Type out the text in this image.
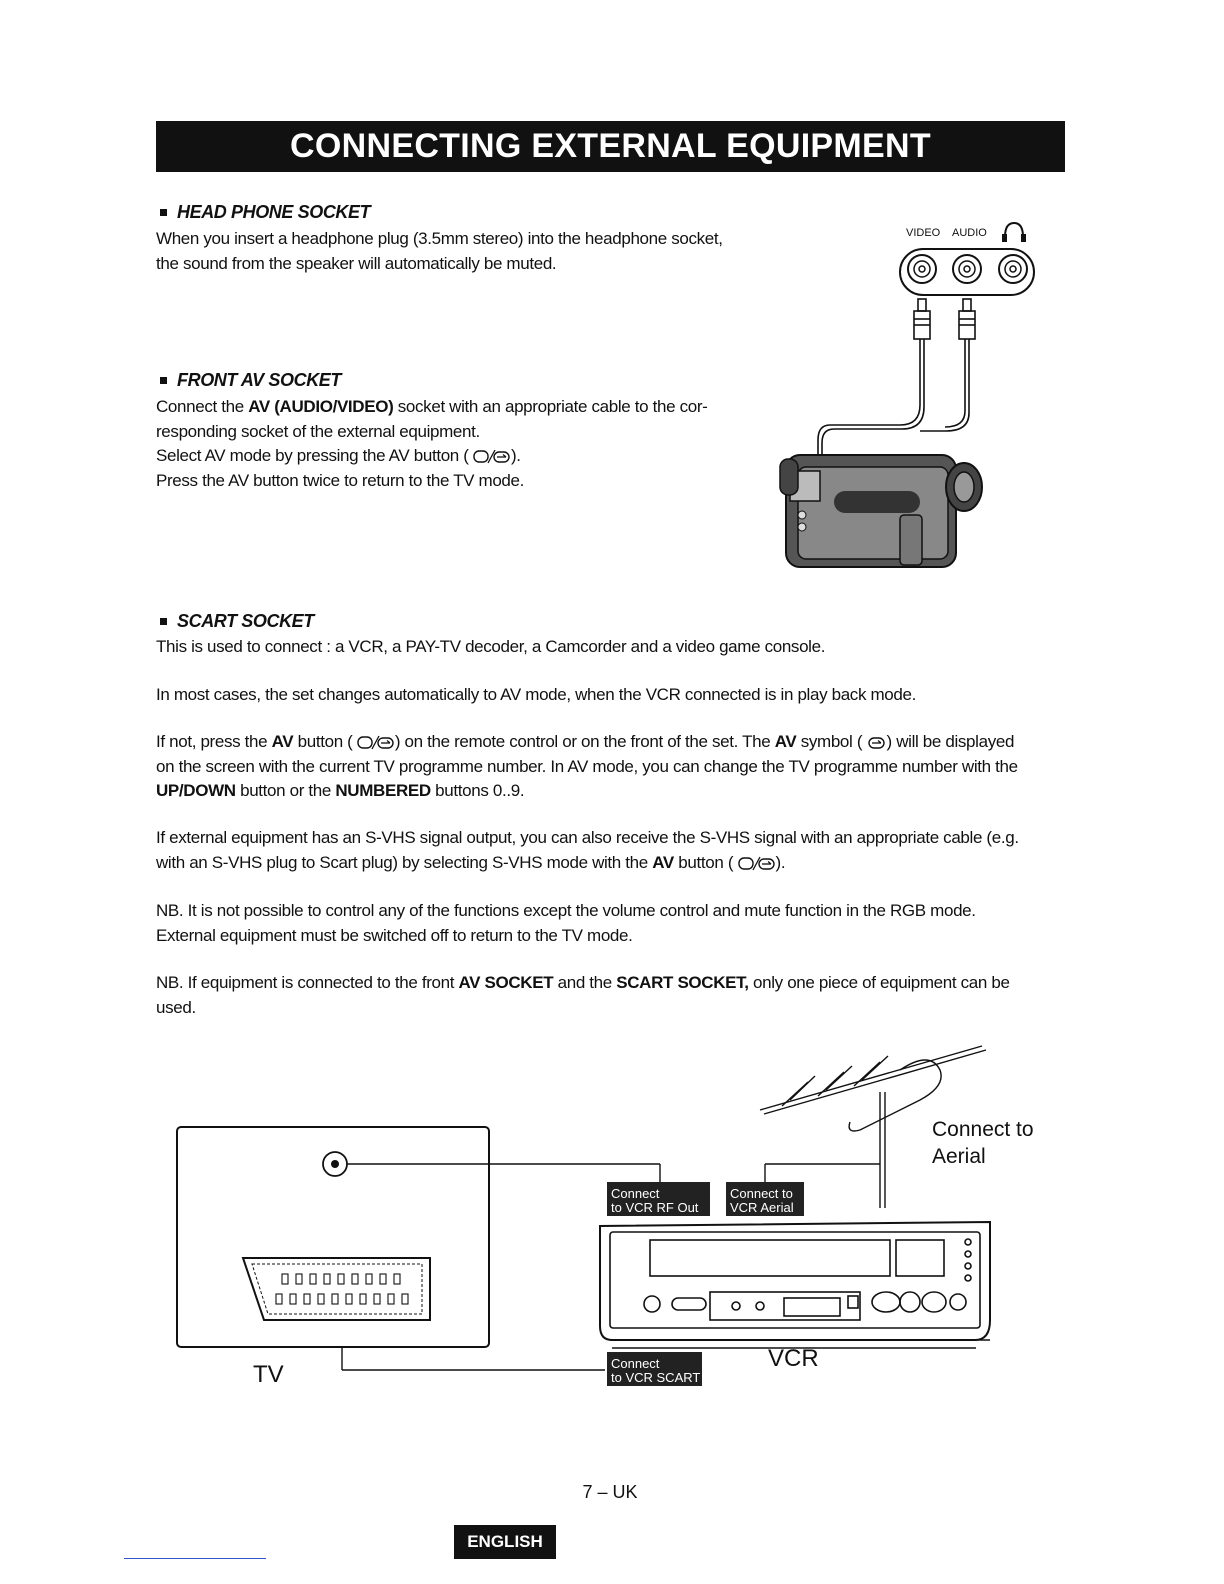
CONNECTING EXTERNAL EQUIPMENT
HEAD PHONE SOCKET

When you insert a headphone plug (3.5mm stereo) into the headphone socket,
the sound from the speaker will automatically be muted.

FRONT AV SOCKET

Connect the AV (AUDIO/VIDEO) socket with an appropriate cable to the cor-
responding socket of the external equipment.
Select AV mode by pressing the AV button ( ).
Press the AV button twice to return to the TV mode.

VIDEO AUDIO
SCART SOCKET

This is used to connect : a VCR, a PAY-TV decoder, a Camcorder and a video game console.

In most cases, the set changes automatically to AV mode, when the VCR connected is in play back mode.

If not, press the AV button ( ) on the remote control or on the front of the set. The AV symbol ( ) will be displayed
on the screen with the current TV programme number. In AV mode, you can change the TV programme number with the
UP/DOWN button or the NUMBERED buttons 0..9.

If external equipment has an S-VHS signal output, you can also receive the S-VHS signal with an appropriate cable (e.g.
with an S-VHS plug to Scart plug) by selecting S-VHS mode with the AV button ( ).

NB. It is not possible to control any of the functions except the volume control and mute function in the RGB mode.
External equipment must be switched off to return to the TV mode.

NB. If equipment is connected to the front AV SOCKET and the SCART SOCKET, only one piece of equipment can be
used.

Connect to
Aerial
TV
Connect
to VCR RF Out
Connect to
VCR Aerial
Connect
to VCR SCART
VCR
7 – UK
ENGLISH
